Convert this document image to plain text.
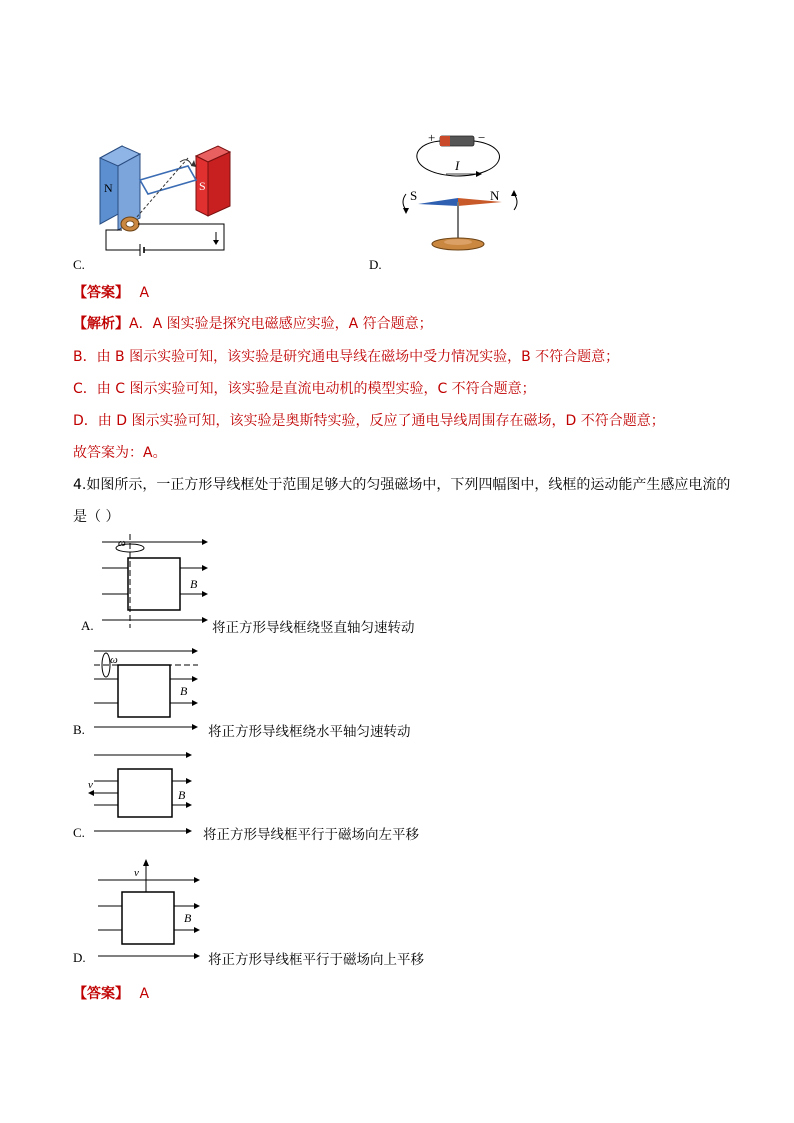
N	S
C.
+	−
I
S	N
D.
【答案】 A
【解析】A．A 图实验是探究电磁感应实验，A 符合题意；
B．由 B 图示实验可知，该实验是研究通电导线在磁场中受力情况实验，B 不符合题意；
C．由 C 图示实验可知，该实验是直流电动机的模型实验，C 不符合题意；
D．由 D 图示实验可知，该实验是奥斯特实验，反应了通电导线周围存在磁场，D 不符合题意；
故答案为：A。
4.如图所示，一正方形导线框处于范围足够大的匀强磁场中，下列四幅图中，线框的运动能产生感应电流的
是（ ）
ω
B
A.	将正方形导线框绕竖直轴匀速转动
ω
B
B.	将正方形导线框绕水平轴匀速转动
v
B
C.	将正方形导线框平行于磁场向左平移
v
B
D.	将正方形导线框平行于磁场向上平移
【答案】 A
